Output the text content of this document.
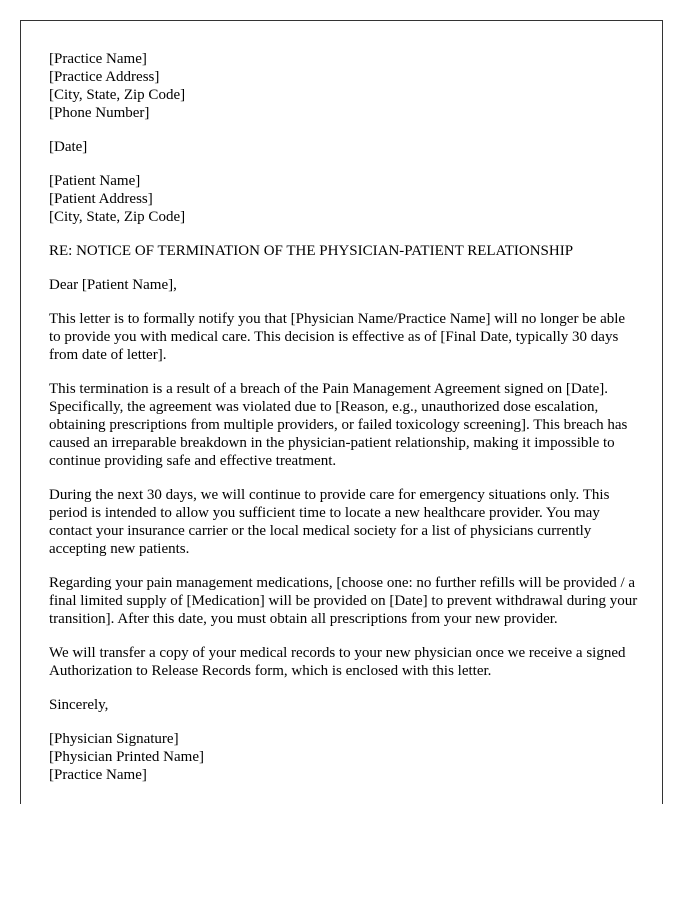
[Practice Name]
[Practice Address]
[City, State, Zip Code]
[Phone Number]

[Date]

[Patient Name]
[Patient Address]
[City, State, Zip Code]

RE: NOTICE OF TERMINATION OF THE PHYSICIAN-PATIENT RELATIONSHIP

Dear [Patient Name],

This letter is to formally notify you that [Physician Name/Practice Name] will no longer be able to provide you with medical care. This decision is effective as of [Final Date, typically 30 days from date of letter].

This termination is a result of a breach of the Pain Management Agreement signed on [Date]. Specifically, the agreement was violated due to [Reason, e.g., unauthorized dose escalation, obtaining prescriptions from multiple providers, or failed toxicology screening]. This breach has caused an irreparable breakdown in the physician-patient relationship, making it impossible to continue providing safe and effective treatment.

During the next 30 days, we will continue to provide care for emergency situations only. This period is intended to allow you sufficient time to locate a new healthcare provider. You may contact your insurance carrier or the local medical society for a list of physicians currently accepting new patients.

Regarding your pain management medications, [choose one: no further refills will be provided / a final limited supply of [Medication] will be provided on [Date] to prevent withdrawal during your transition]. After this date, you must obtain all prescriptions from your new provider.

We will transfer a copy of your medical records to your new physician once we receive a signed Authorization to Release Records form, which is enclosed with this letter.

Sincerely,

[Physician Signature]
[Physician Printed Name]
[Practice Name]
